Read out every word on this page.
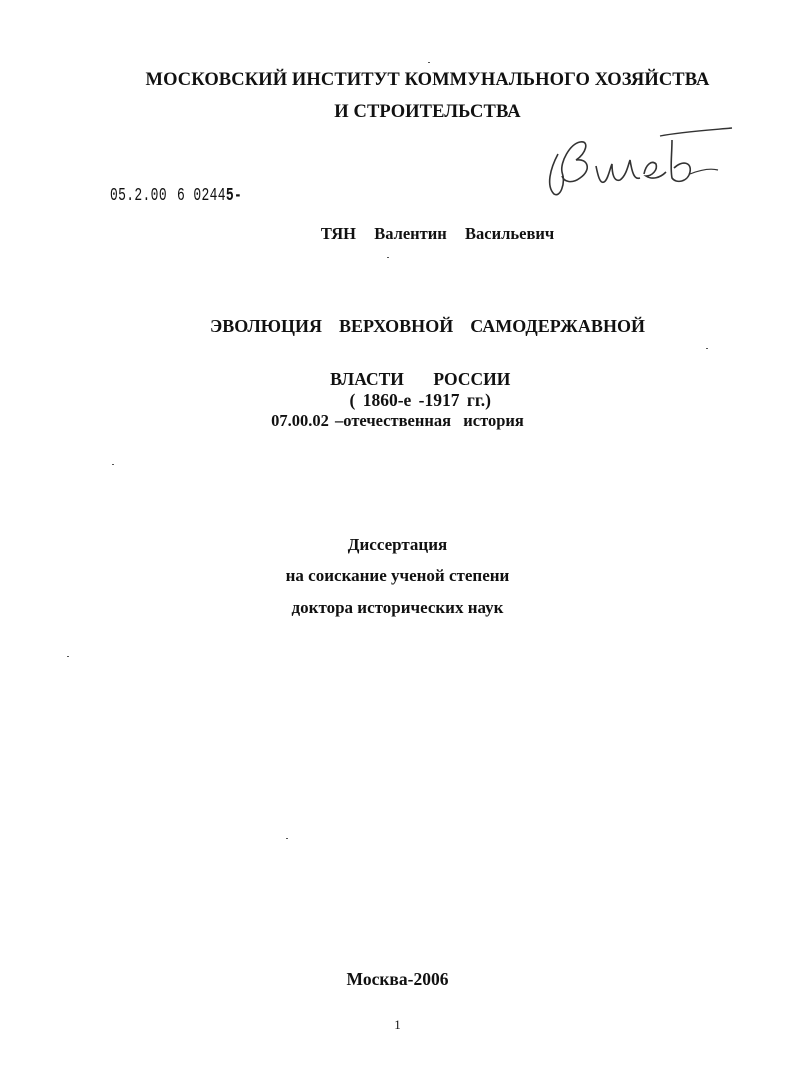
МОСКОВСКИЙ ИНСТИТУТ КОММУНАЛЬНОГО ХОЗЯЙСТВА
И СТРОИТЕЛЬСТВА
05.2.00 6 02445-
ТЯН  Валентин  Васильевич
ЭВОЛЮЦИЯ  ВЕРХОВНОЙ  САМОДЕРЖАВНОЙ

ВЛАСТИ    РОССИИ
( 1860-е -1917 гг.)

07.00.02 –отечественная  история
Диссертация
на соискание ученой степени
доктора исторических наук
Москва-2006
1
